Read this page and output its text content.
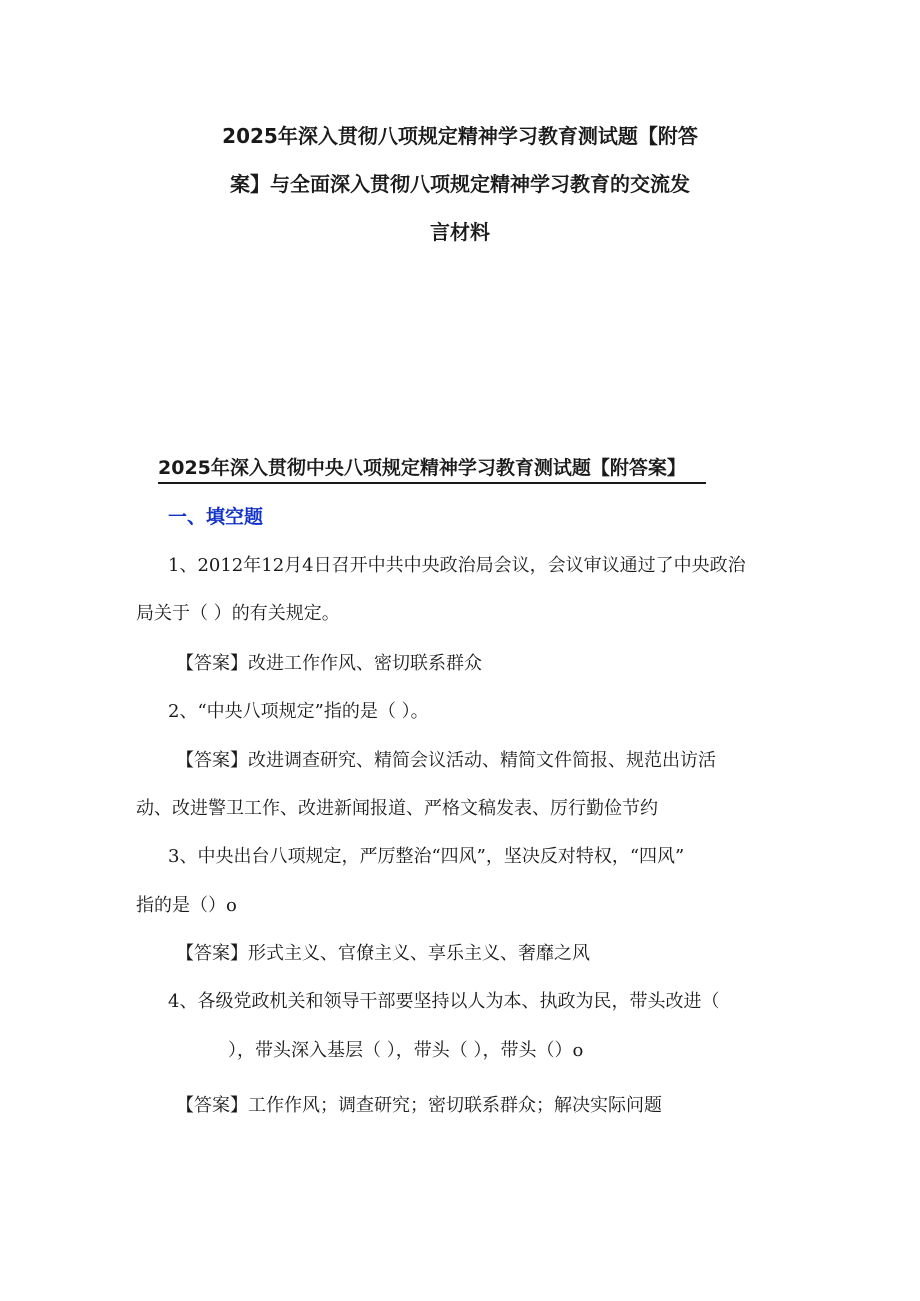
2025年深入贯彻八项规定精神学习教育测试题【附答
案】与全面深入贯彻八项规定精神学习教育的交流发
言材料
2025年深入贯彻中央八项规定精神学习教育测试题【附答案】
一、填空题
1、2012年12月4日召开中共中央政治局会议，会议审议通过了中央政治
局关于（ ）的有关规定。
【答案】改进工作作风、密切联系群众
2、“中央八项规定”指的是（ ）。
【答案】改进调查研究、精简会议活动、精简文件简报、规范出访活
动、改进警卫工作、改进新闻报道、严格文稿发表、厉行勤俭节约
3、中央出台八项规定，严厉整治“四风”，坚决反对特权，“四风”
指的是（）o
【答案】形式主义、官僚主义、享乐主义、奢靡之风
4、各级党政机关和领导干部要坚持以人为本、执政为民，带头改进（
），带头深入基层（ ），带头（ ），带头（）o
【答案】工作作风；调查研究；密切联系群众；解决实际问题
